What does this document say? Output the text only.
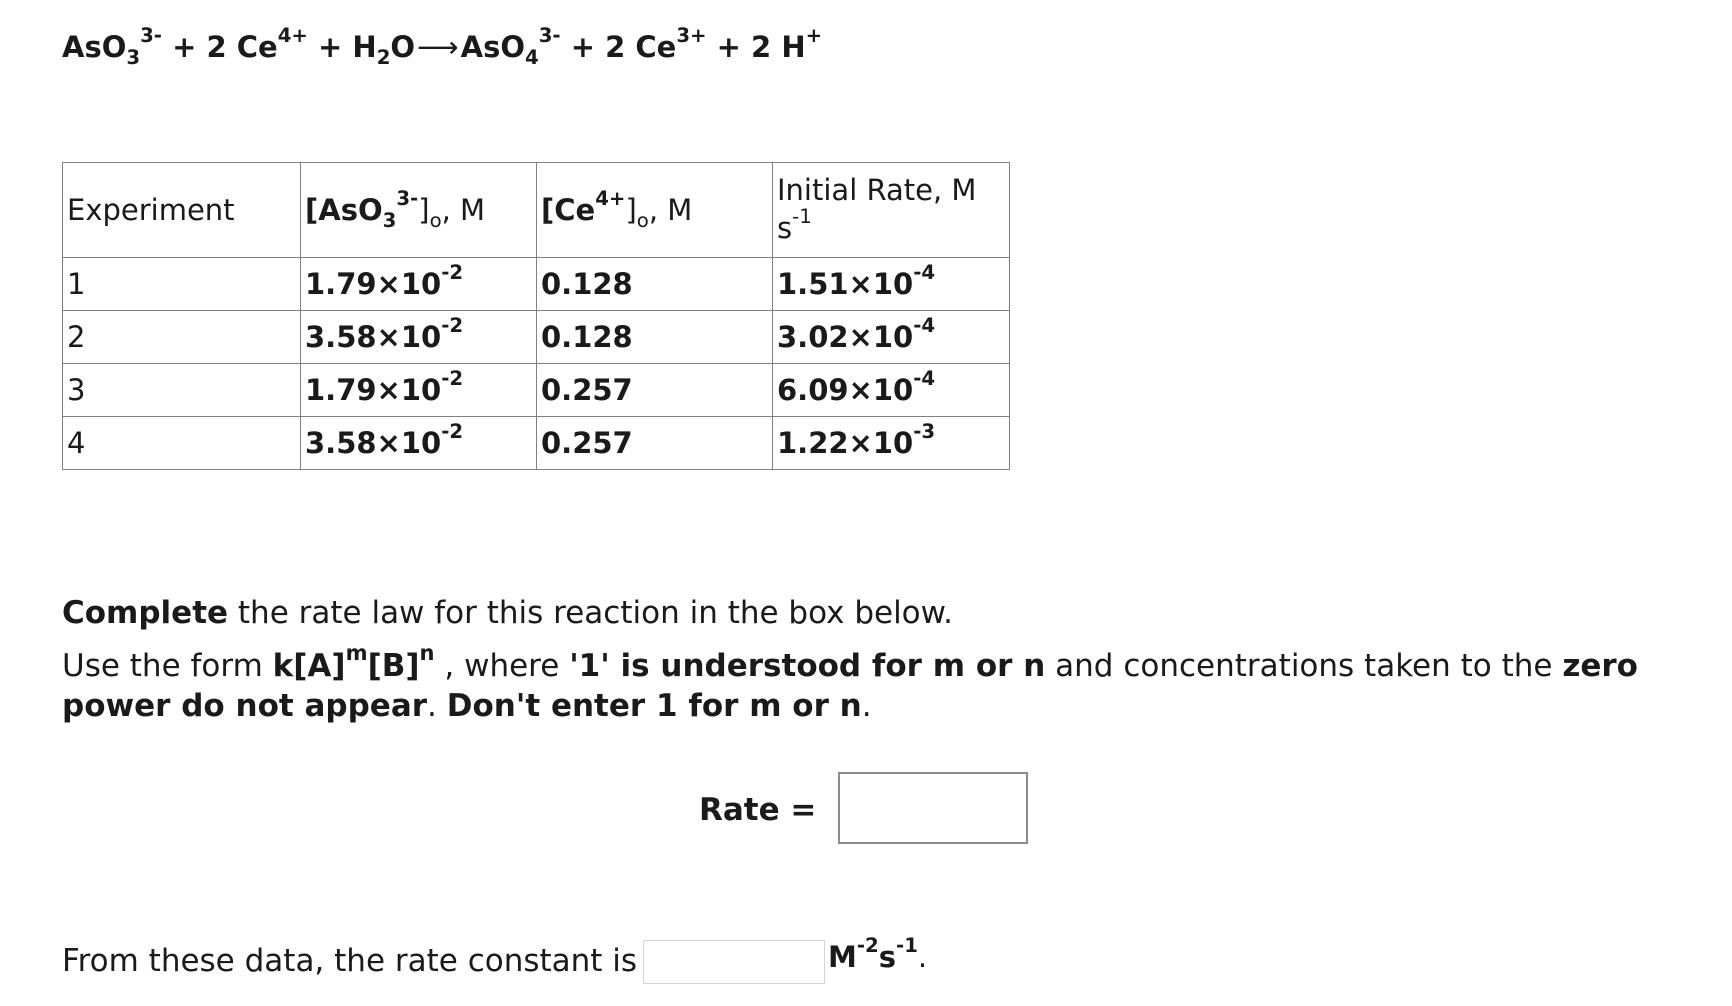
AsO$_3^{3-}$ + 2 $Ce^{4+}$ + $H_2O⟶AsO_4^{3-} + 2$ $Ce^{3+} + 2$ H+
Experiment	$[AsO_3^{3-}]_o$, M	$[Ce^{4+}]_o$, M	Initial Rate, M $s^{-1}$
1	$1.79\times 10^{-2}$	0.128	$1.51\times 10^{-4}$
2	$3.58\times 10^{-2}$	0.128	$3.02\times 10^{-4}$
3	$1.79\times 10^{-2}$	0.257	$6.09\times 10^{-4}$
4	$3.58\times 10^{-2}$	0.257	$1.22\times 10^{-3}$
Complete the rate law for this reaction in the box below.
Use the form $k[A]^m[B]^n$ , where '1' is understood for m or n and concentrations taken to the zero power do not appear. Don't enter 1 for m or n.
Rate =
From these data, the rate constant is	$M^{-2}s^{-1}$.
